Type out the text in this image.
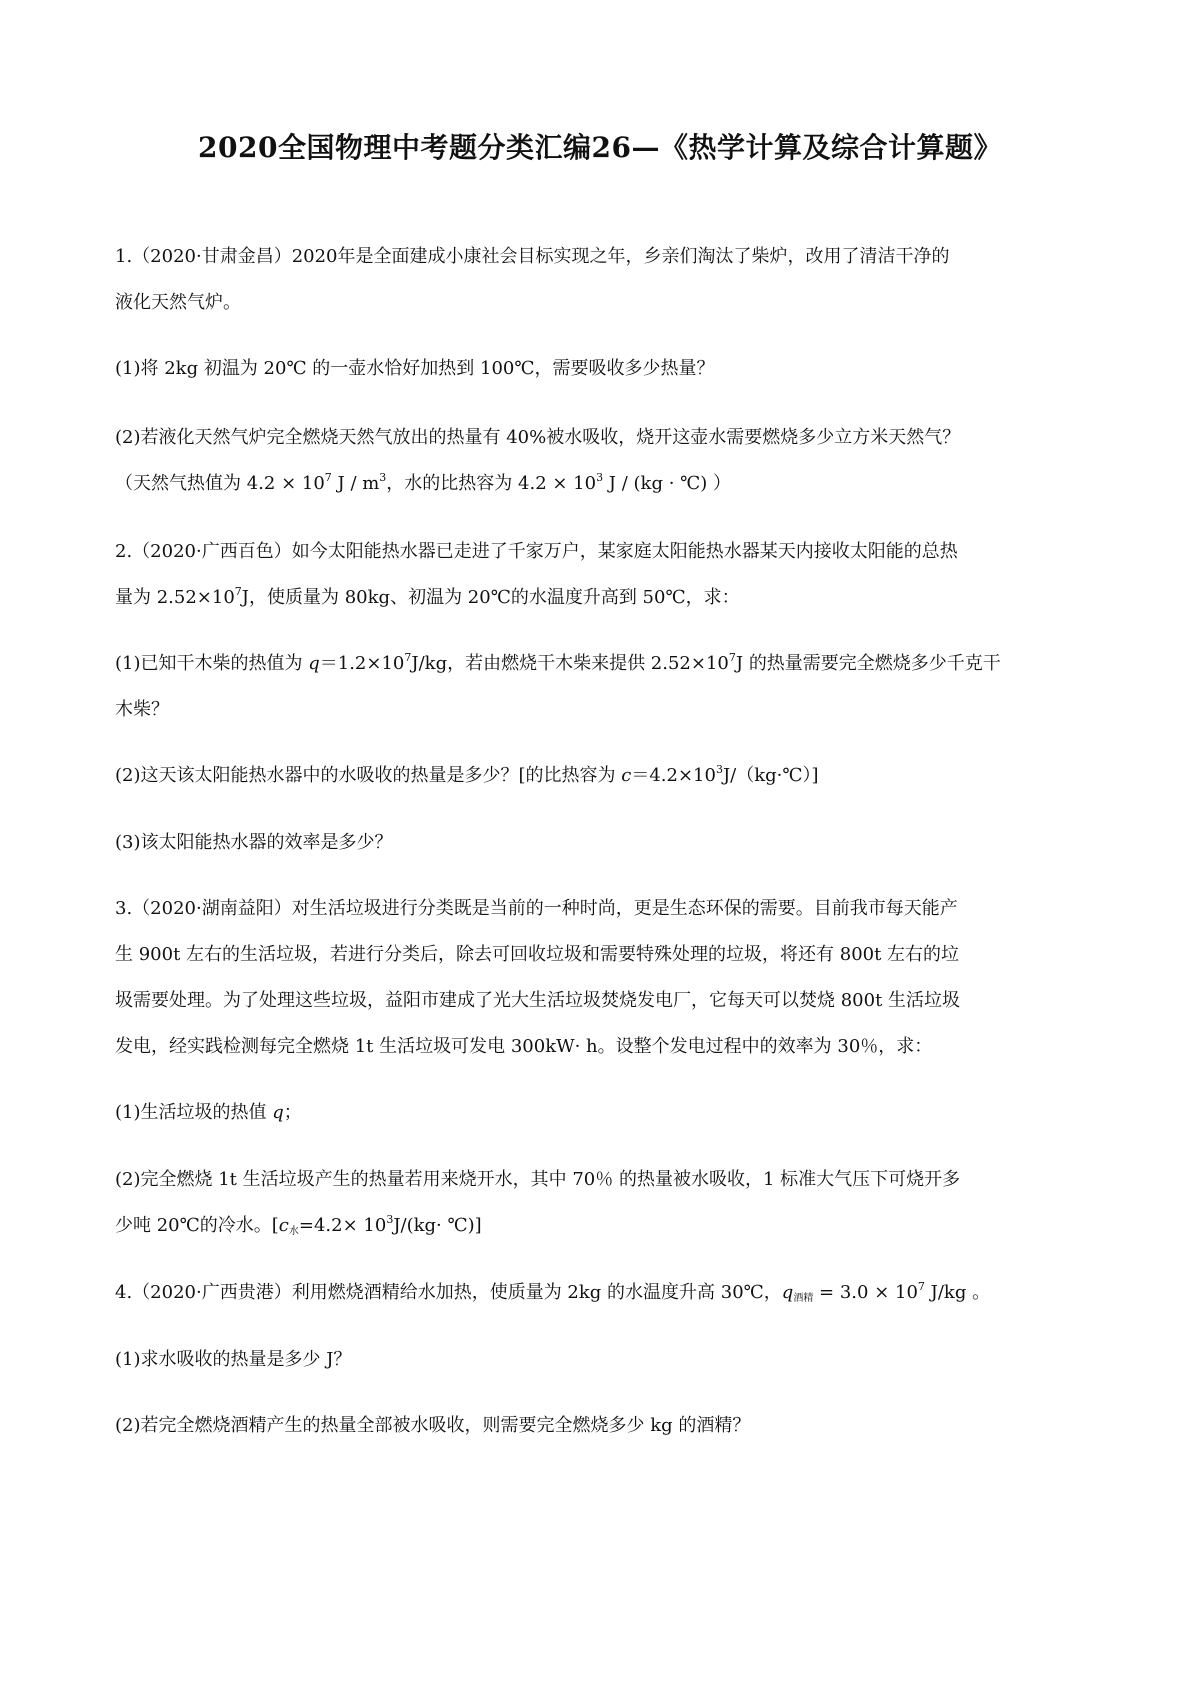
2020全国物理中考题分类汇编26—《热学计算及综合计算题》
1.（2020·甘肃金昌）2020年是全面建成小康社会目标实现之年，乡亲们淘汰了柴炉，改用了清洁干净的
液化天然气炉。
(1)将 2kg 初温为 20℃ 的一壶水恰好加热到 100℃，需要吸收多少热量？
(2)若液化天然气炉完全燃烧天然气放出的热量有 40%被水吸收，烧开这壶水需要燃烧多少立方米天然气？
（天然气热值为 $4.2 \times 10^7$ J / $m^3$，水的比热容为 $4.2 \times 10^3$ J / (kg · ℃) ）
2.（2020·广西百色）如今太阳能热水器已走进了千家万户，某家庭太阳能热水器某天内接收太阳能的总热
量为 $2.52\times 10^7J$，使质量为 80kg、初温为 20℃的水温度升高到 50℃，求：
(1)已知干木柴的热值为 $q=1.2\times 10^7J/kg$，若由燃烧干木柴来提供 $2.52\times 10^7J$ 的热量需要完全燃烧多少千克干
木柴？
(2)这天该太阳能热水器中的水吸收的热量是多少？[的比热容为 $c=4.2\times 10^3J/(kg\cdot℃)$]
(3)该太阳能热水器的效率是多少？
3.（2020·湖南益阳）对生活垃圾进行分类既是当前的一种时尚，更是生态环保的需要。目前我市每天能产
生 900t 左右的生活垃圾，若进行分类后，除去可回收垃圾和需要特殊处理的垃圾，将还有 800t 左右的垃
圾需要处理。为了处理这些垃圾，益阳市建成了光大生活垃圾焚烧发电厂，它每天可以焚烧 800t 生活垃圾
发电，经实践检测每完全燃烧 1t 生活垃圾可发电 300kW· h。设整个发电过程中的效率为 30％，求：
(1)生活垃圾的热值 q；
(2)完全燃烧 1t 生活垃圾产生的热量若用来烧开水，其中 70％ 的热量被水吸收，1 标准大气压下可烧开多
少吨 20℃的冷水。[$c_水=4.2\times 10^3J/(kg\cdot$ ℃)]
4.（2020·广西贵港）利用燃烧酒精给水加热，使质量为 2kg 的水温度升高 30℃，$q_{酒精} = 3.0 \times 10^7$ J/kg 。
(1)求水吸收的热量是多少 J？
(2)若完全燃烧酒精产生的热量全部被水吸收，则需要完全燃烧多少 kg 的酒精？
